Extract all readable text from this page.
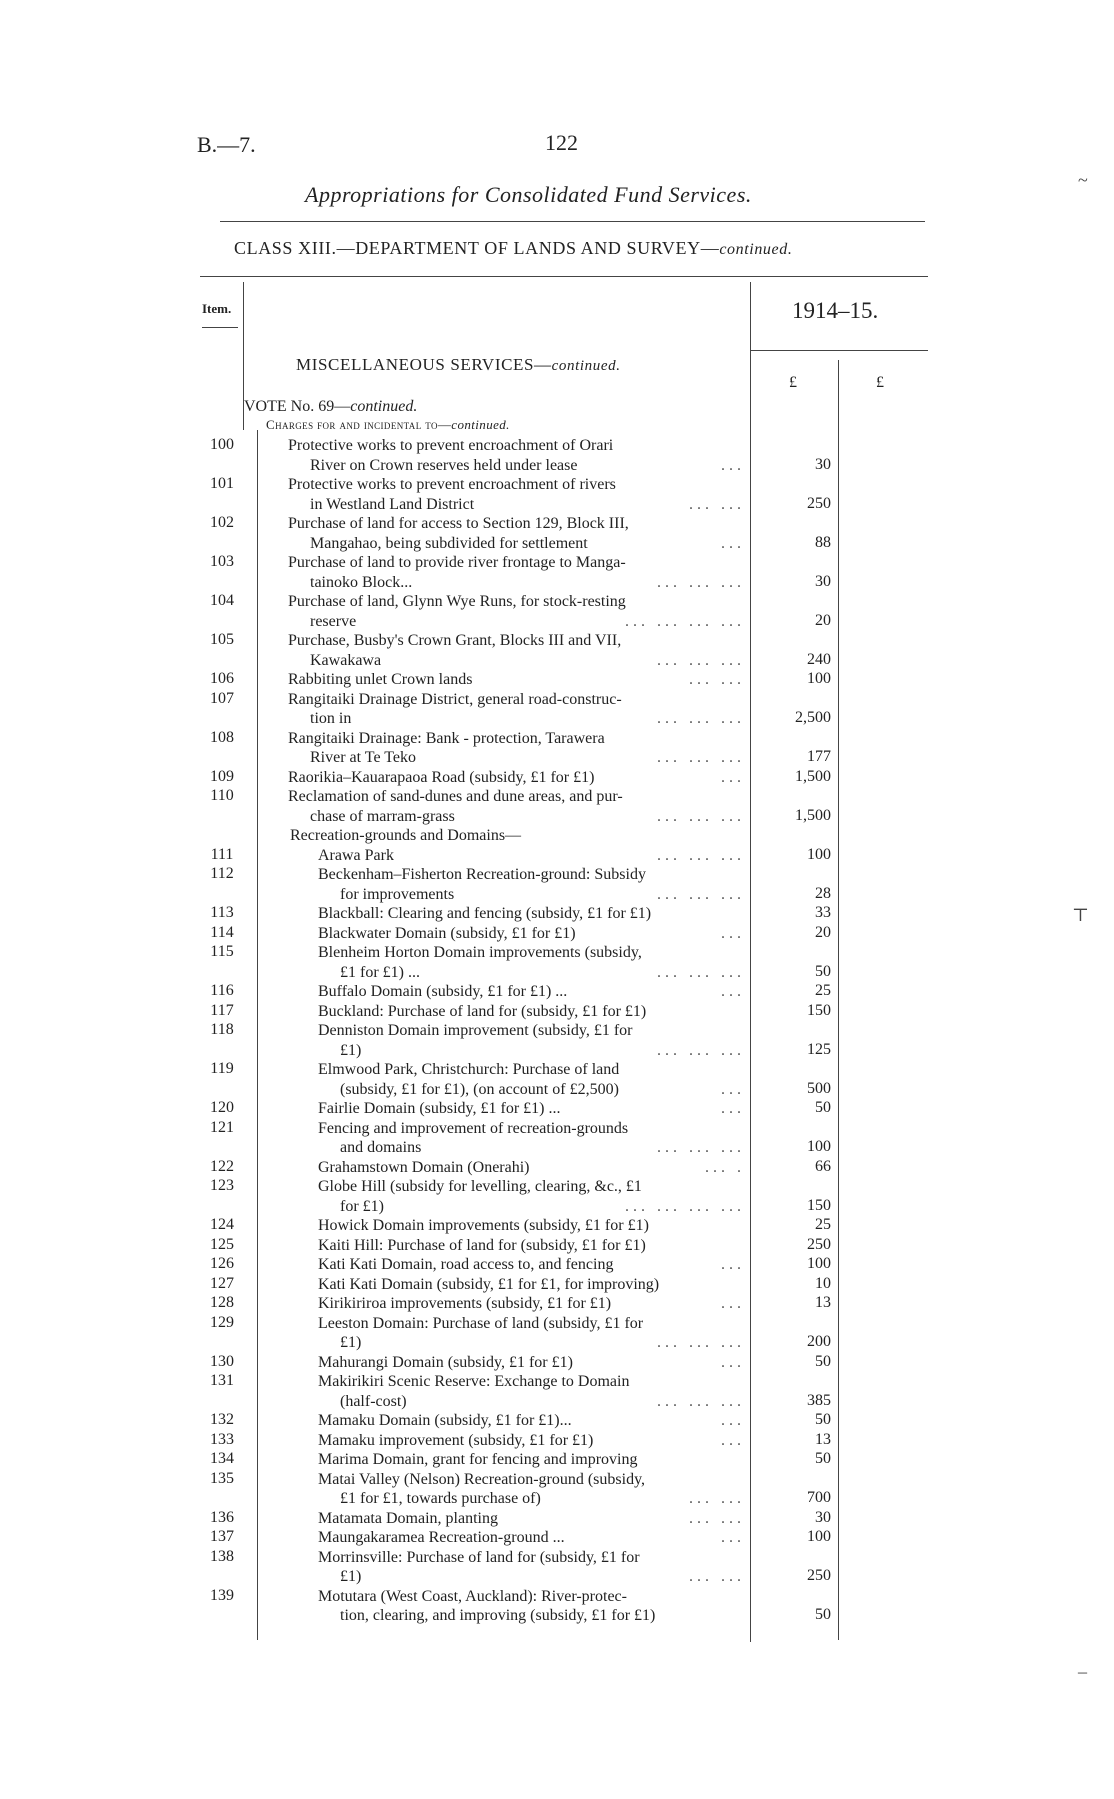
B.—7.	122
Appropriations for Consolidated Fund Services.
CLASS XIII.—DEPARTMENT OF LANDS AND SURVEY—continued.
Item.	1914–15.
£	£
MISCELLANEOUS SERVICES—continued.
VOTE No. 69—continued.
Charges for and incidental to—continued.
100	Protective works to prevent encroachment of Orari
River on Crown reserves held under lease	...	30
101	Protective works to prevent encroachment of rivers
in Westland Land District	... ...	250
102	Purchase of land for access to Section 129, Block III,
Mangahao, being subdivided for settlement	...	88
103	Purchase of land to provide river frontage to Manga-
tainoko Block...	... ... ...	30
104	Purchase of land, Glynn Wye Runs, for stock-resting
reserve	... ... ... ...	20
105	Purchase, Busby's Crown Grant, Blocks III and VII,
Kawakawa	... ... ...	240
106	Rabbiting unlet Crown lands	... ...	100
107	Rangitaiki Drainage District, general road-construc-
tion in	... ... ...	2,500
108	Rangitaiki Drainage: Bank - protection, Tarawera
River at Te Teko	... ... ...	177
109	Raorikia–Kauarapaoa Road (subsidy, £1 for £1)	...	1,500
110	Reclamation of sand-dunes and dune areas, and pur-
chase of marram-grass	... ... ...	1,500
Recreation-grounds and Domains—
111	Arawa Park	... ... ...	100
112	Beckenham–Fisherton Recreation-ground: Subsidy
for improvements	... ... ...	28
113	Blackball: Clearing and fencing (subsidy, £1 for £1)	33
114	Blackwater Domain (subsidy, £1 for £1)	...	20
115	Blenheim Horton Domain improvements (subsidy,
£1 for £1) ...	... ... ...	50
116	Buffalo Domain (subsidy, £1 for £1) ...	...	25
117	Buckland: Purchase of land for (subsidy, £1 for £1)	150
118	Denniston Domain improvement (subsidy, £1 for
£1)	... ... ...	125
119	Elmwood Park, Christchurch: Purchase of land
(subsidy, £1 for £1), (on account of £2,500)	...	500
120	Fairlie Domain (subsidy, £1 for £1) ...	...	50
121	Fencing and improvement of recreation-grounds
and domains	... ... ...	100
122	Grahamstown Domain (Onerahi)	... .	66
123	Globe Hill (subsidy for levelling, clearing, &c., £1
for £1)	... ... ... ...	150
124	Howick Domain improvements (subsidy, £1 for £1)	25
125	Kaiti Hill: Purchase of land for (subsidy, £1 for £1)	250
126	Kati Kati Domain, road access to, and fencing	...	100
127	Kati Kati Domain (subsidy, £1 for £1, for improving)	10
128	Kirikiriroa improvements (subsidy, £1 for £1)	...	13
129	Leeston Domain: Purchase of land (subsidy, £1 for
£1)	... ... ...	200
130	Mahurangi Domain (subsidy, £1 for £1)	...	50
131	Makirikiri Scenic Reserve: Exchange to Domain
(half-cost)	... ... ...	385
132	Mamaku Domain (subsidy, £1 for £1)...	...	50
133	Mamaku improvement (subsidy, £1 for £1)	...	13
134	Marima Domain, grant for fencing and improving	50
135	Matai Valley (Nelson) Recreation-ground (subsidy,
£1 for £1, towards purchase of)	... ...	700
136	Matamata Domain, planting	... ...	30
137	Maungakaramea Recreation-ground ...	...	100
138	Morrinsville: Purchase of land for (subsidy, £1 for
£1)	... ...	250
139	Motutara (West Coast, Auckland): River-protec-
tion, clearing, and improving (subsidy, £1 for £1)	50
~
⊤
_
